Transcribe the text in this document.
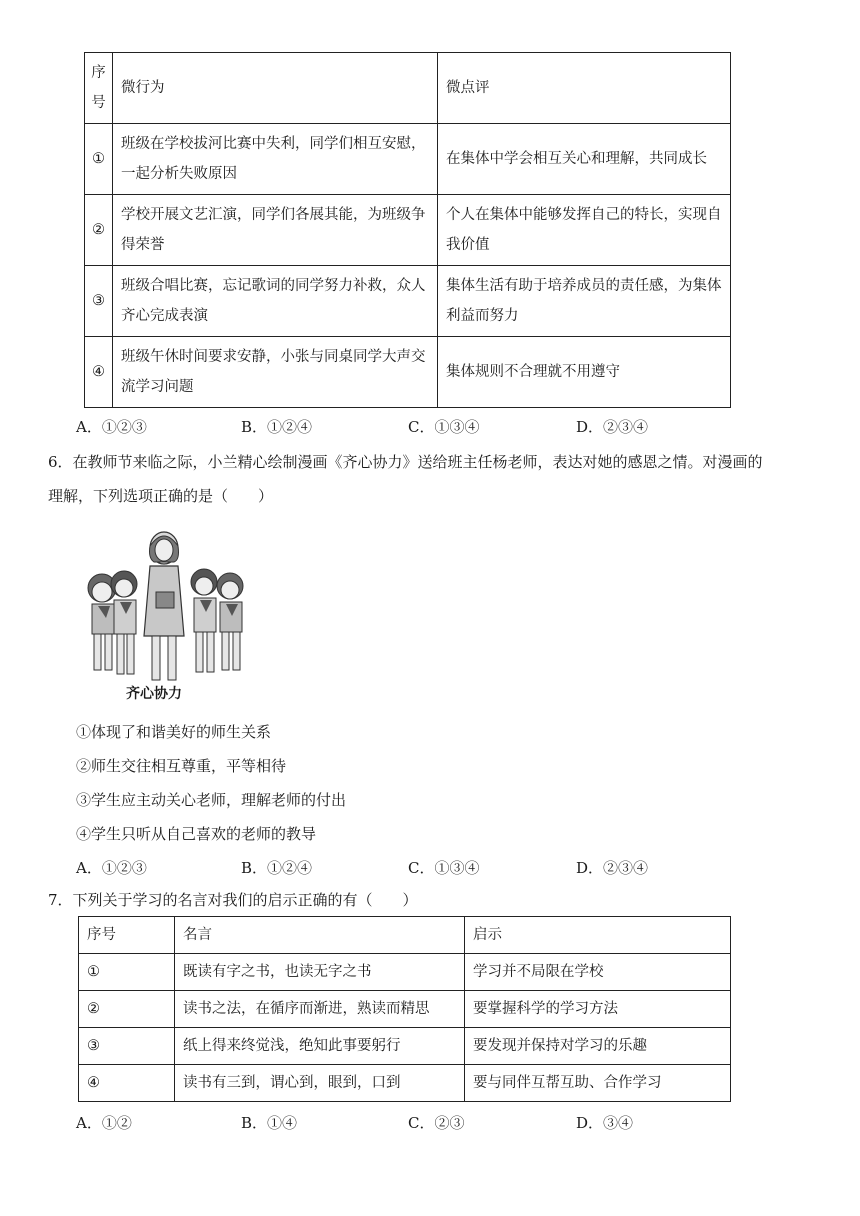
序
号	微行为	微点评
①	班级在学校拔河比赛中失利，同学们相互安慰，一起分析失败原因	在集体中学会相互关心和理解，共同成长
②	学校开展文艺汇演，同学们各展其能，为班级争得荣誉	个人在集体中能够发挥自己的特长，实现自我价值
③	班级合唱比赛，忘记歌词的同学努力补救，众人齐心完成表演	集体生活有助于培养成员的责任感，为集体利益而努力
④	班级午休时间要求安静，小张与同桌同学大声交流学习问题	集体规则不合理就不用遵守
A．①②③	B．①②④	C．①③④	D．②③④
6．在教师节来临之际，小兰精心绘制漫画《齐心协力》送给班主任杨老师，表达对她的感恩之情。对漫画的
理解，下列选项正确的是（　　）
齐心协力
①体现了和谐美好的师生关系
②师生交往相互尊重，平等相待
③学生应主动关心老师，理解老师的付出
④学生只听从自己喜欢的老师的教导
A．①②③	B．①②④	C．①③④	D．②③④
7．下列关于学习的名言对我们的启示正确的有（　　）
序号	名言	启示
①	既读有字之书，也读无字之书	学习并不局限在学校
②	读书之法，在循序而渐进，熟读而精思	要掌握科学的学习方法
③	纸上得来终觉浅，绝知此事要躬行	要发现并保持对学习的乐趣
④	读书有三到，谓心到，眼到，口到	要与同伴互帮互助、合作学习
A．①②	B．①④	C．②③	D．③④
